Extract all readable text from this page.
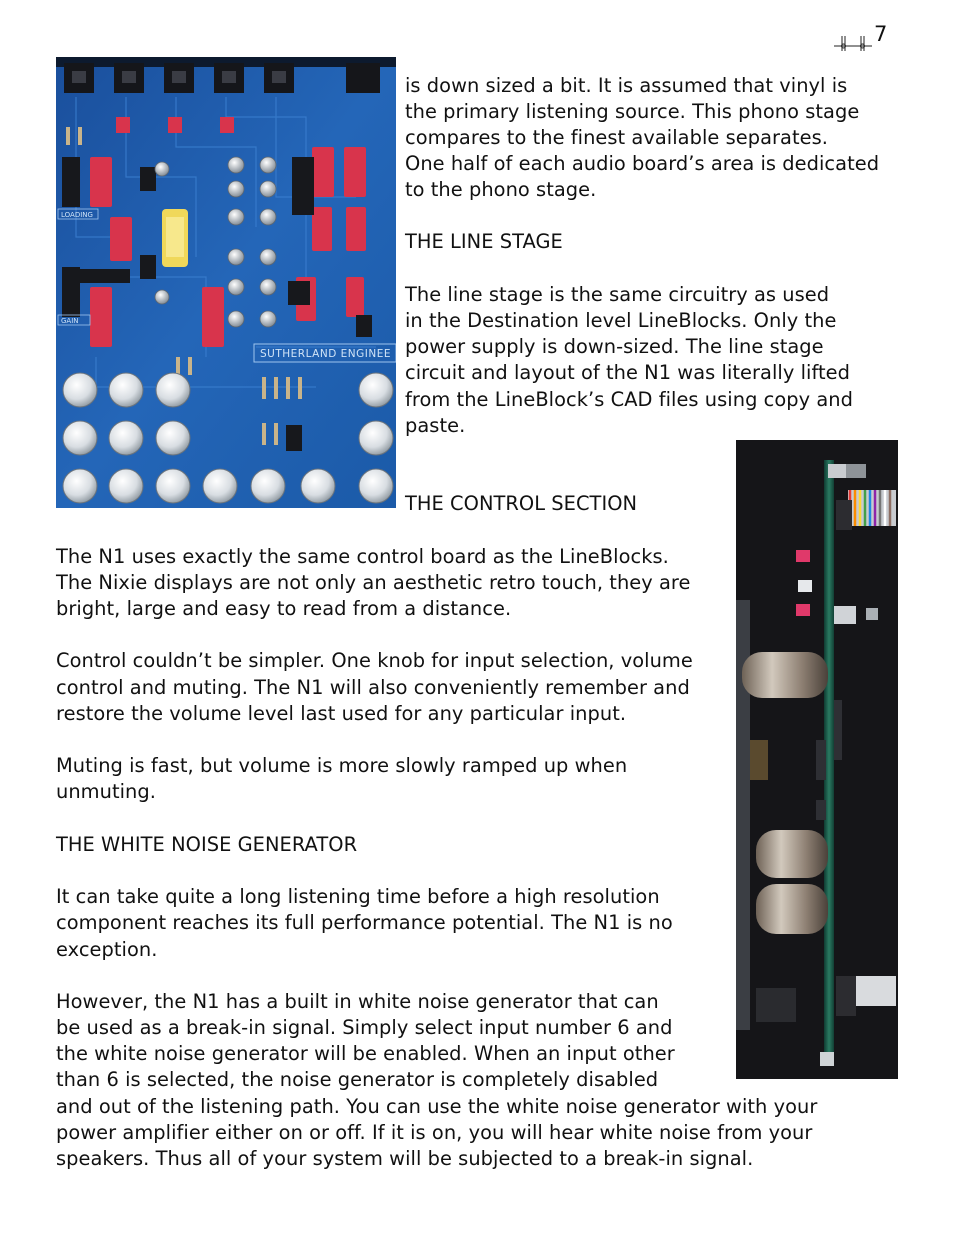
7
SUTHERLAND ENGINEE
LOADING
GAIN
is down sized a bit. It is assumed that vinyl is
the primary listening source. This phono stage
compares to the finest available separates.
One half of each audio board’s area is dedicated
to the phono stage.
THE LINE STAGE
The line stage is the same circuitry as used
in the Destination level LineBlocks. Only the
power supply is down-sized. The line stage
circuit and layout of the N1 was literally lifted
from the LineBlock’s CAD files using copy and
paste.
THE CONTROL SECTION
The N1 uses exactly the same control board as the LineBlocks.
The Nixie displays are not only an aesthetic retro touch, they are
bright, large and easy to read from a distance.
Control couldn’t be simpler. One knob for input selection, volume
control and muting. The N1 will also conveniently remember and
restore the volume level last used for any particular input.
Muting is fast, but volume is more slowly ramped up when
unmuting.
THE WHITE NOISE GENERATOR
It can take quite a long listening time before a high resolution
component reaches its full performance potential. The N1 is no
exception.
However, the N1 has a built in white noise generator that can
be used as a break-in signal. Simply select input number 6 and
the white noise generator will be enabled. When an input other
than 6 is selected, the noise generator is completely disabled
and out of the listening path. You can use the white noise generator with your
power amplifier either on or off. If it is on, you will hear white noise from your
speakers. Thus all of your system will be subjected to a break-in signal.
